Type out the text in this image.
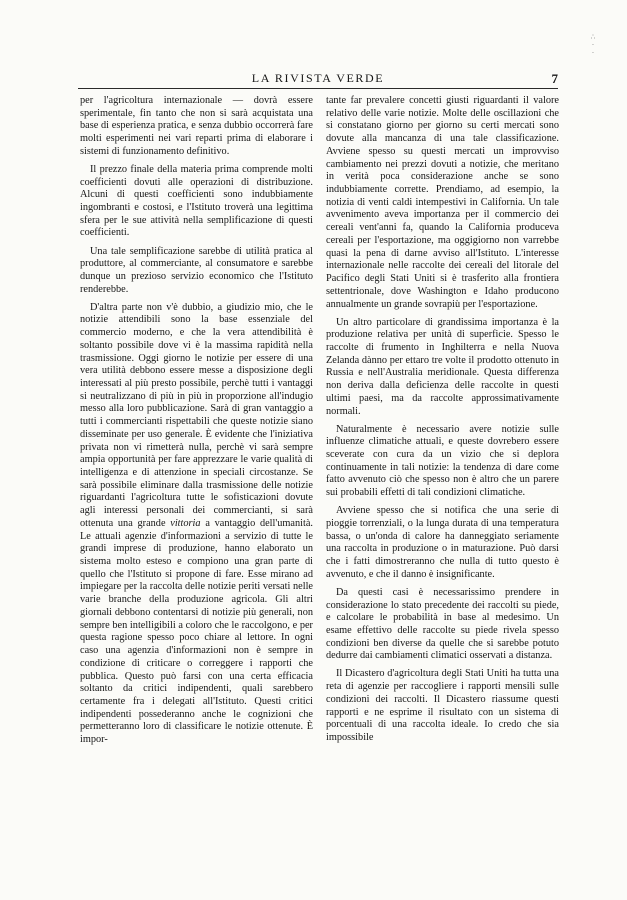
∴
·
·
LA RIVISTA VERDE	7

per l'agricoltura internazionale — dovrà essere sperimentale, fin tanto che non si sarà acquistata una base di esperienza pratica, e senza dubbio occorrerà fare molti esperimenti nei vari reparti prima di elaborare i sistemi di funzionamento definitivo.

Il prezzo finale della materia prima comprende molti coefficienti dovuti alle operazioni di distribuzione. Alcuni di questi coefficienti sono indubbiamente ingombranti e costosi, e l'Istituto troverà una legittima sfera per le sue attività nella semplificazione di questi coefficienti.

Una tale semplificazione sarebbe di utilità pratica al produttore, al commerciante, al consumatore e sarebbe dunque un prezioso servizio economico che l'Istituto renderebbe.

D'altra parte non v'è dubbio, a giudizio mio, che le notizie attendibili sono la base essenziale del commercio moderno, e che la vera attendibilità è soltanto possibile dove vi è la massima rapidità nella trasmissione. Oggi giorno le notizie per essere di una vera utilità debbono essere messe a disposizione degli interessati al più presto possibile, perchè tutti i vantaggi si neutralizzano di più in più in proporzione all'indugio messo alla loro pubblicazione. Sarà di gran vantaggio a tutti i commercianti rispettabili che queste notizie siano disseminate per uso generale. È evidente che l'iniziativa privata non vi rimetterà nulla, perchè vi sarà sempre ampia opportunità per fare apprezzare le varie qualità di intelligenza e di attenzione in speciali circostanze. Se sarà possibile eliminare dalla trasmissione delle notizie riguardanti l'agricoltura tutte le sofisticazioni dovute agli interessi personali dei commercianti, si sarà ottenuta una grande vittoria a vantaggio dell'umanità. Le attuali agenzie d'informazioni a servizio di tutte le grandi imprese di produzione, hanno elaborato un sistema molto esteso e compiono una gran parte di quello che l'Istituto si propone di fare. Esse mirano ad impiegare per la raccolta delle notizie periti versati nelle varie branche della produzione agricola. Gli altri giornali debbono contentarsi di notizie più generali, non sempre ben intelligibili a coloro che le raccolgono, e per questa ragione spesso poco chiare al lettore. In ogni caso una agenzia d'informazioni non è sempre in condizione di criticare o correggere i rapporti che pubblica. Questo può farsi con una certa efficacia soltanto da critici indipendenti, quali sarebbero certamente fra i delegati all'Istituto. Questi critici indipendenti possederanno anche le cognizioni che permetteranno loro di classificare le notizie ottenute. È impor-

tante far prevalere concetti giusti riguardanti il valore relativo delle varie notizie. Molte delle oscillazioni che si constatano giorno per giorno su certi mercati sono dovute alla mancanza di una tale classificazione. Avviene spesso su questi mercati un improvviso cambiamento nei prezzi dovuti a notizie, che meritano in verità poca considerazione anche se sono indubbiamente corrette. Prendiamo, ad esempio, la notizia di venti caldi intempestivi in California. Un tale avvenimento aveva importanza per il commercio dei cereali vent'anni fa, quando la California produceva cereali per l'esportazione, ma oggigiorno non varrebbe quasi la pena di darne avviso all'Istituto. L'interesse internazionale nelle raccolte dei cereali del litorale del Pacifico degli Stati Uniti si è trasferito alla frontiera settentrionale, dove Washington e Idaho producono annualmente un grande sovrapiù per l'esportazione.

Un altro particolare di grandissima importanza è la produzione relativa per unità di superficie. Spesso le raccolte di frumento in Inghilterra e nella Nuova Zelanda dànno per ettaro tre volte il prodotto ottenuto in Russia e nell'Australia meridionale. Questa differenza non deriva dalla deficienza delle raccolte in questi ultimi paesi, ma da raccolte approssimativamente normali.

Naturalmente è necessario avere notizie sulle influenze climatiche attuali, e queste dovrebero essere sceverate con cura da un vizio che si deplora continuamente in tali notizie: la tendenza di dare come fatto avvenuto ciò che spesso non è altro che un parere sui probabili effetti di tali condizioni climatiche.

Avviene spesso che si notifica che una serie di pioggie torrenziali, o la lunga durata di una temperatura bassa, o un'onda di calore ha danneggiato seriamente una raccolta in produzione o in maturazione. Può darsi che i fatti dimostreranno che nulla di tutto questo è avvenuto, e che il danno è insignificante.

Da questi casi è necessarissimo prendere in considerazione lo stato precedente dei raccolti su piede, e calcolare le probabilità in base al medesimo. Un esame effettivo delle raccolte su piede rivela spesso condizioni ben diverse da quelle che si sarebbe potuto dedurre dai cambiamenti climatici osservati a distanza.

Il Dicastero d'agricoltura degli Stati Uniti ha tutta una reta di agenzie per raccogliere i rapporti mensili sulle condizioni dei raccolti. Il Dicastero riassume questi rapporti e ne esprime il risultato con un sistema di porcentuali di una raccolta ideale. Io credo che sia impossibile
